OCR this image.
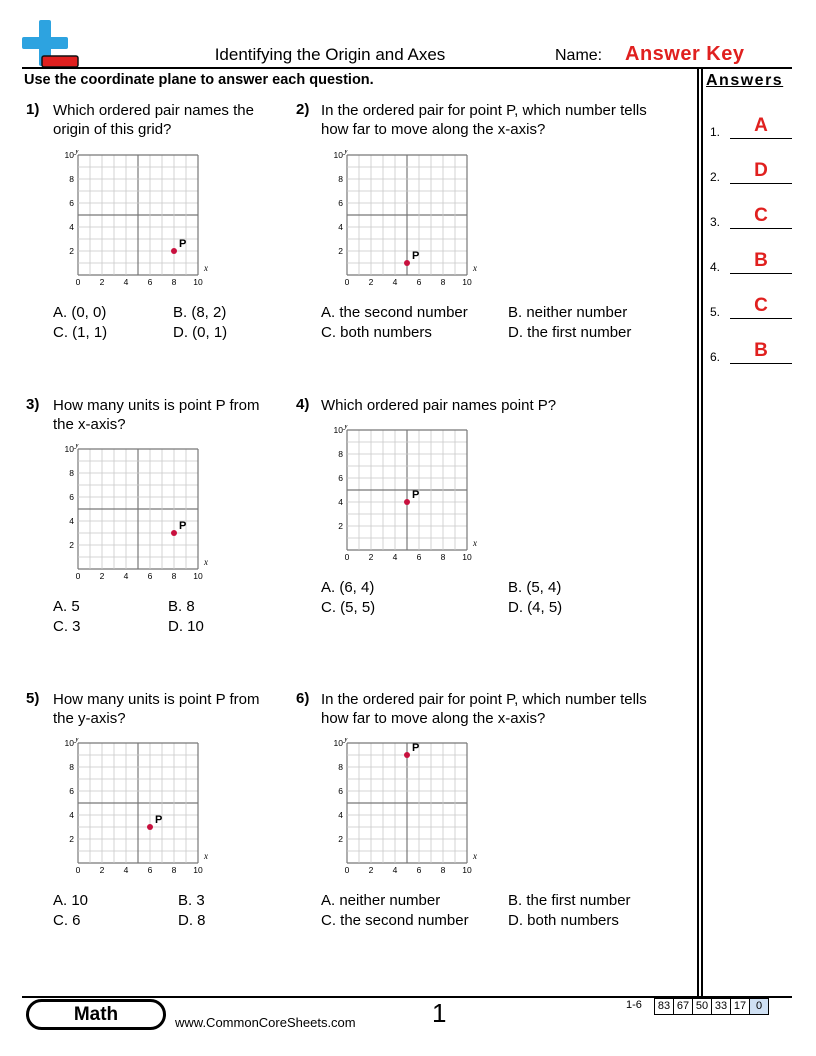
Identifying the Origin and Axes	Name: Answer Key
Use the coordinate plane to answer each question.	Answers
1.	A
2.	D
3.	C
4.	B
5.	C
6.	B
1) Which ordered pair names the
origin of this grid?
0 2 4 6 8 10
10
8
6
4
2
x
y
P
A. (0, 0)	B. (8, 2)
C. (1, 1)	D. (0, 1)
2) In the ordered pair for point P, which number tells
how far to move along the x-axis?
0 2 4 6 8 10
10
8
6
4
2
x
y
P
A. the second number	B. neither number
C. both numbers	D. the first number
3) How many units is point P from
the x-axis?
0 2 4 6 8 10
10
8
6
4
2
x
y
P
A. 5	B. 8
C. 3	D. 10
4) Which ordered pair names point P?
0 2 4 6 8 10
10
8
6
4
2
x
y
P
A. (6, 4)	B. (5, 4)
C. (5, 5)	D. (4, 5)
5) How many units is point P from
the y-axis?
0 2 4 6 8 10
10
8
6
4
2
x
y
P
A. 10	B. 3
C. 6	D. 8
6) In the ordered pair for point P, which number tells
how far to move along the x-axis?
0 2 4 6 8 10
10
8
6
4
2
x
y
P
A. neither number	B. the first number
C. the second number	D. both numbers
Math	www.CommonCoreSheets.com	1	1-6	83 67 50 33 17 0
